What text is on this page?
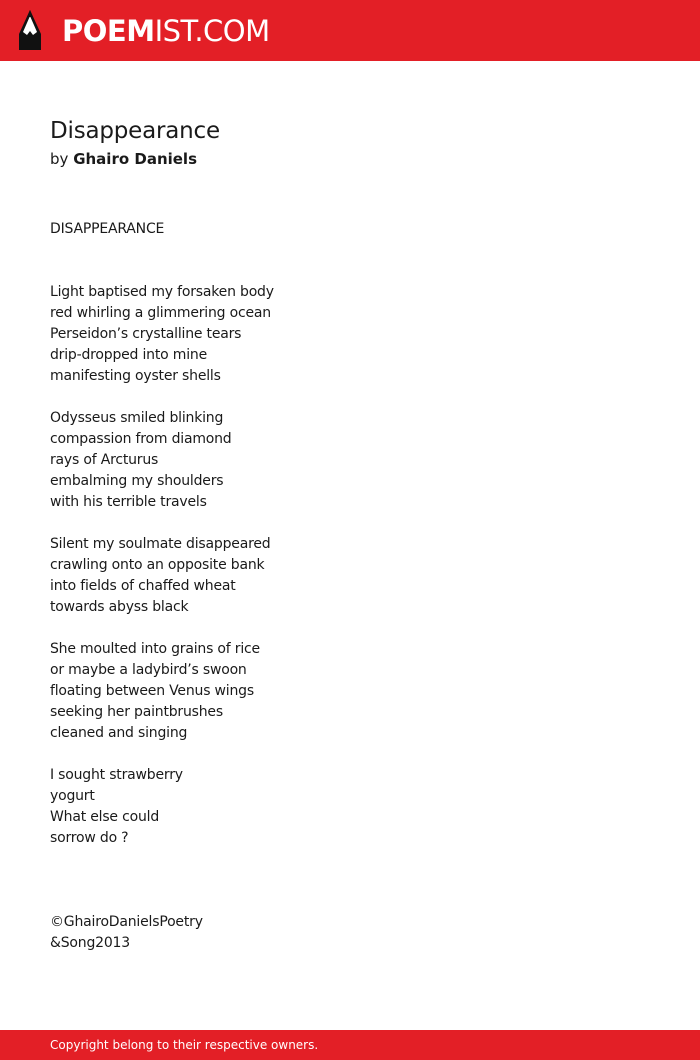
POEMIST.COM
Disappearance
by Ghairo Daniels
DISAPPEARANCE
Light baptised my forsaken body
red whirling a glimmering ocean
Perseidon’s crystalline tears
drip-dropped into mine
manifesting oyster shells
Odysseus smiled blinking
compassion from diamond
rays of Arcturus
embalming my shoulders
with his terrible travels
Silent my soulmate disappeared
crawling onto an opposite bank
into fields of chaffed wheat
towards abyss black
She moulted into grains of rice
or maybe a ladybird’s swoon
floating between Venus wings
seeking her paintbrushes
cleaned and singing
I sought strawberry
yogurt
What else could
sorrow do ?
©GhairoDanielsPoetry
&Song2013
Copyright belong to their respective owners.
